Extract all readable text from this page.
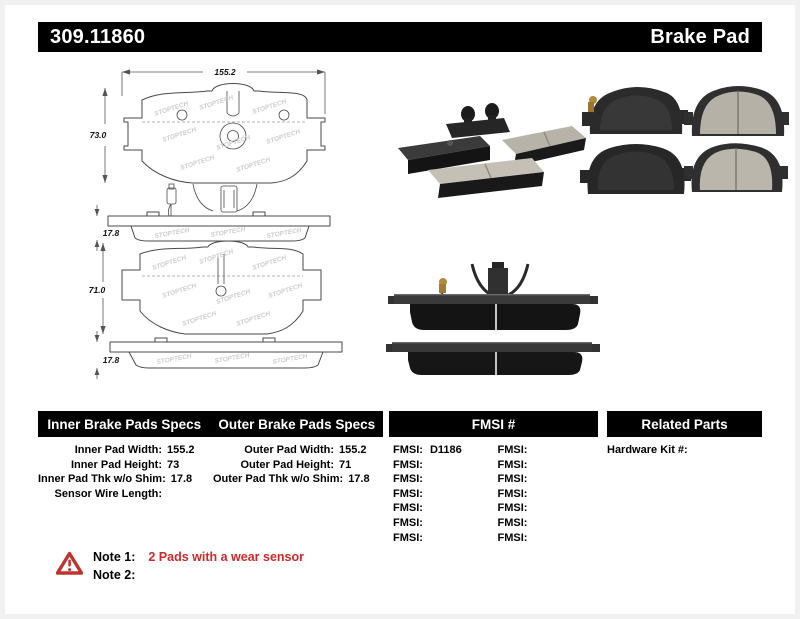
309.11860	Brake Pad
155.2
73.0
STOPTECH STOPTECH	STOPTECH
STOPTECH	STOPTECH STOPTECH
STOPTECH	STOPTECH
17.8	STOPTECH	STOPTECH	STOPTECH
71.0
STOPTECH STOPTECH	STOPTECH
STOPTECH	STOPTECH	STOPTECH
STOPTECH	STOPTECH
17.8	STOPTECH	STOPTECH	STOPTECH
Inner Brake Pads Specs	Outer Brake Pads Specs	FMSI #	Related Parts
Inner Pad Width: 155.2
Inner Pad Height: 73
Inner Pad Thk w/o Shim: 17.8
Sensor Wire Length:
Outer Pad Width: 155.2
Outer Pad Height: 71
Outer Pad Thk w/o Shim: 17.8
FMSI: D1186	FMSI:
FMSI:	FMSI:
FMSI:	FMSI:
FMSI:	FMSI:
FMSI:	FMSI:
FMSI:	FMSI:
FMSI:	FMSI:
Hardware Kit #:
Note 1: 2 Pads with a wear sensor
Note 2:
